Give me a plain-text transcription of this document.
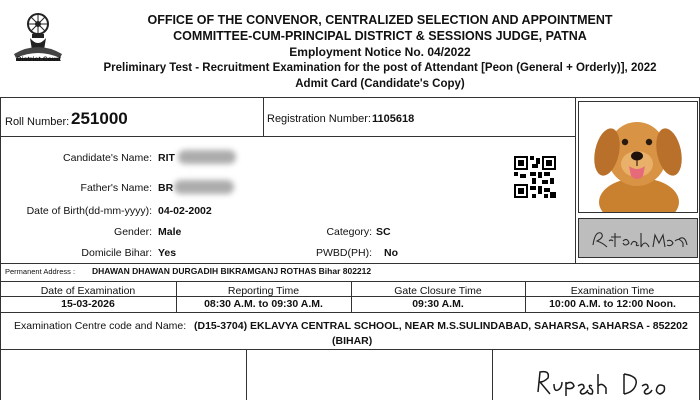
District Court
OFFICE OF THE CONVENOR, CENTRALIZED SELECTION AND APPOINTMENT
COMMITTEE-CUM-PRINCIPAL DISTRICT & SESSIONS JUDGE, PATNA
Employment Notice No. 04/2022
Preliminary Test - Recruitment Examination for the post of Attendant [Peon (General + Orderly)], 2022
Admit Card (Candidate's Copy)
Roll Number: 251000	Registration Number: 1105618
Candidate's Name: RIT
Father's Name: BR
Date of Birth(dd-mm-yyyy): 04-02-2002
Gender: Male	Category: SC
Domicile Bihar: Yes	PWBD(PH): No
Permanent Address : DHAWAN DHAWAN DURGADIH BIKRAMGANJ ROTHAS Bihar 802212
Date of Examination	Reporting Time	Gate Closure Time	Examination Time
15-03-2026	08:30 A.M. to 09:30 A.M.	09:30 A.M.	10:00 A.M. to 12:00 Noon.
Examination Centre code and Name: (D15-3704) EKLAVYA CENTRAL SCHOOL, NEAR M.S.SULINDABAD, SAHARSA, SAHARSA - 852202
(BIHAR)
